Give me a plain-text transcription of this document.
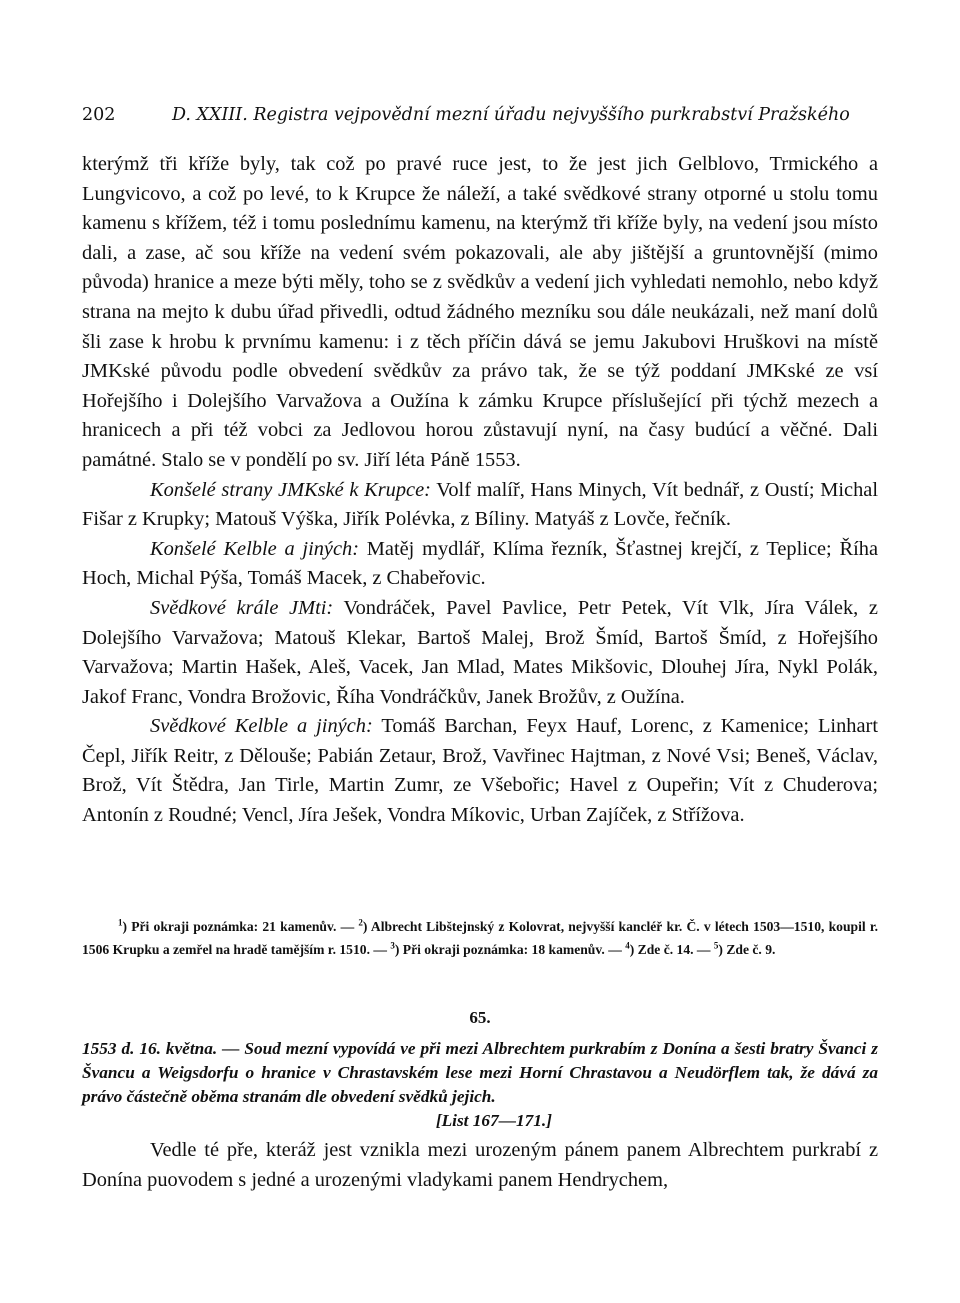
202	D. XXIII. Registra vejpovědní mezní úřadu nejvyššího purkrabství Pražského

kterýmž tři kříže byly, tak což po pravé ruce jest, to že jest jich Gelblovo, Trmického a Lungvicovo, a což po levé, to k Krupce že náleží, a také svědkové strany otporné u stolu tomu kamenu s křížem, též i tomu poslednímu kamenu, na kterýmž tři kříže byly, na vedení jsou místo dali, a zase, ač sou kříže na vedení svém pokazovali, ale aby jištější a gruntovnější (mimo původa) hranice a meze býti měly, toho se z svědkův a vedení jich vyhledati nemohlo, nebo když strana na mejto k dubu úřad přivedli, odtud žádného mezníku sou dále neukázali, než maní dolů šli zase k hrobu k prvnímu kamenu: i z těch příčin dává se jemu Jakubovi Hruškovi na místě JMKské původu podle obvedení svědkův za právo tak, že se týž poddaní JMKské ze vsí Hořejšího i Dolejšího Varvažova a Oužína k zámku Krupce příslušející při týchž mezech a hranicech a při též vobci za Jedlovou horou zůstavují nyní, na časy budúcí a věčné. Dali památné. Stalo se v pondělí po sv. Jiří léta Páně 1553.

Konšelé strany JMKské k Krupce: Volf malíř, Hans Minych, Vít bednář, z Oustí; Michal Fišar z Krupky; Matouš Výška, Jiřík Polévka, z Bíliny. Matyáš z Lovče, řečník.

Konšelé Kelble a jiných: Matěj mydlář, Klíma řezník, Šťastnej krejčí, z Teplice; Říha Hoch, Michal Pýša, Tomáš Macek, z Chabeřovic.

Svědkové krále JMti: Vondráček, Pavel Pavlice, Petr Petek, Vít Vlk, Jíra Válek, z Dolejšího Varvažova; Matouš Klekar, Bartoš Malej, Brož Šmíd, Bartoš Šmíd, z Hořejšího Varvažova; Martin Hašek, Aleš, Vacek, Jan Mlad, Mates Mikšovic, Dlouhej Jíra, Nykl Polák, Jakof Franc, Vondra Brožovic, Říha Vondráčkův, Janek Brožův, z Oužína.

Svědkové Kelble a jiných: Tomáš Barchan, Feyx Hauf, Lorenc, z Kamenice; Linhart Čepl, Jiřík Reitr, z Dělouše; Pabián Zetaur, Brož, Vavřinec Hajtman, z Nové Vsi; Beneš, Václav, Brož, Vít Štědra, Jan Tirle, Martin Zumr, ze Všebořic; Havel z Oupeřin; Vít z Chuderova; Antonín z Roudné; Vencl, Jíra Ješek, Vondra Míkovic, Urban Zajíček, z Střížova.

$^1$) Při okraji poznámka: 21 kamenův. — $^2$) Albrecht Libštejnský z Kolovrat, nejvyšší kancléř kr. Č. v létech 1503—1510, koupil r. 1506 Krupku a zemřel na hradě tamějším r. 1510. — $^3$) Při okraji poznámka: 18 kamenův. — $^4$) Zde č. 14. — $^5$) Zde č. 9.

65.

1553 d. 16. května. — Soud mezní vypovídá ve při mezi Albrechtem purkrabím z Donína a šesti bratry Švanci z Švancu a Weigsdorfu o hranice v Chrastavském lese mezi Horní Chrastavou a Neudörflem tak, že dává za právo částečně oběma stranám dle obvedení svědků jejich.

[List 167—171.]

Vedle té pře, kteráž jest vznikla mezi urozeným pánem panem Albrechtem purkrabí z Donína puovodem s jedné a urozenými vladykami panem Hendrychem,
